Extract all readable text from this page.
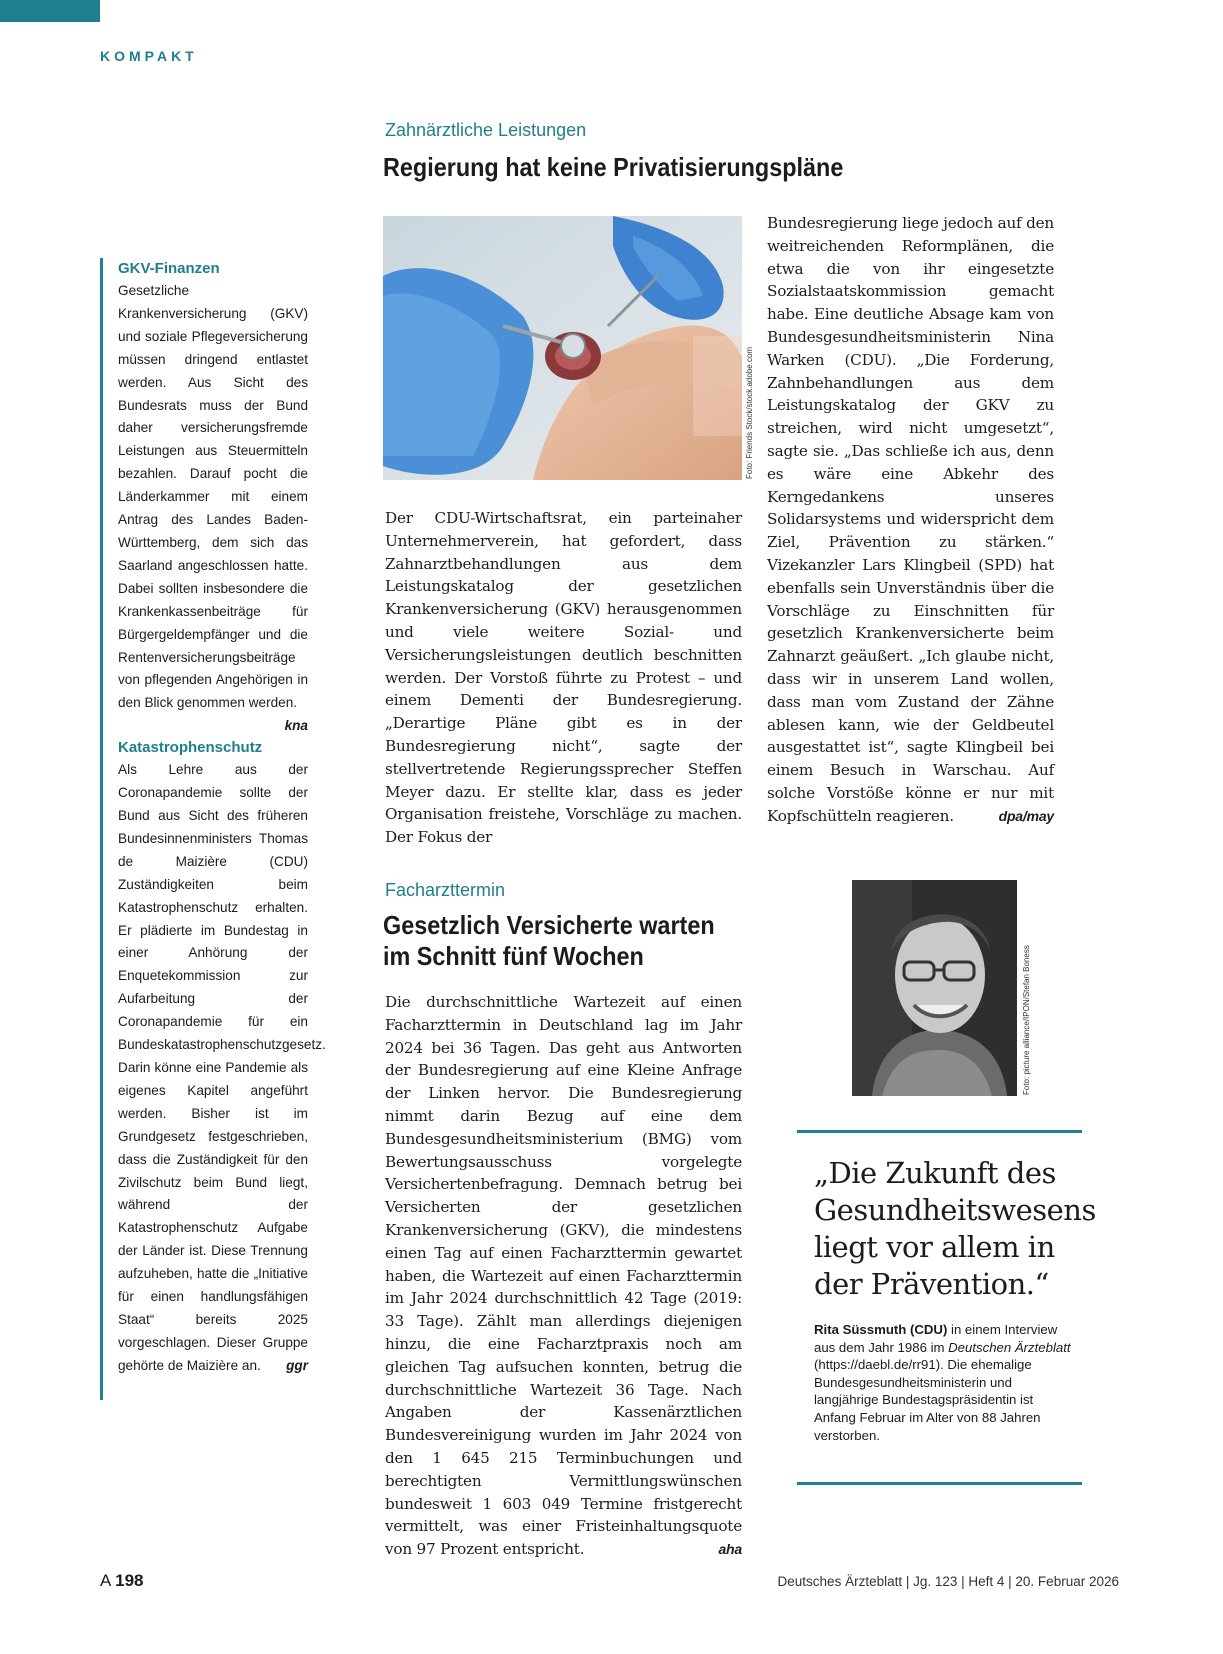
KOMPAKT
GKV-Finanzen
Gesetzliche Krankenversicherung (GKV) und soziale Pflegeversicherung müssen dringend entlastet werden. Aus Sicht des Bundesrats muss der Bund daher versicherungsfremde Leistungen aus Steuermitteln bezahlen. Darauf pocht die Länderkammer mit einem Antrag des Landes Baden-Württemberg, dem sich das Saarland angeschlossen hatte. Dabei sollten insbesondere die Krankenkassenbeiträge für Bürgergeldempfänger und die Rentenversicherungsbeiträge von pflegenden Angehörigen in den Blick genommen werden.
kna
Katastrophenschutz
Als Lehre aus der Coronapandemie sollte der Bund aus Sicht des früheren Bundesinnenministers Thomas de Maizière (CDU) Zuständigkeiten beim Katastrophenschutz erhalten. Er plädierte im Bundestag in einer Anhörung der Enquetekommission zur Aufarbeitung der Coronapandemie für ein Bundeskatastrophenschutzgesetz. Darin könne eine Pandemie als eigenes Kapitel angeführt werden. Bisher ist im Grundgesetz festgeschrieben, dass die Zuständigkeit für den Zivilschutz beim Bund liegt, während der Katastrophenschutz Aufgabe der Länder ist. Diese Trennung aufzuheben, hatte die „Initiative für einen handlungsfähigen Staat“ bereits 2025 vorgeschlagen. Dieser Gruppe gehörte de Maizière an.	ggr
Zahnärztliche Leistungen
Regierung hat keine Privatisierungspläne
Foto: Friends Stock/stock.adobe.com
Der CDU-Wirtschaftsrat, ein parteinaher Unternehmerverein, hat gefordert, dass Zahnarztbehandlungen aus dem Leistungskatalog der gesetzlichen Krankenversicherung (GKV) herausgenommen und viele weitere Sozial- und Versicherungsleistungen deutlich beschnitten werden. Der Vorstoß führte zu Protest – und einem Dementi der Bundesregierung. „Derartige Pläne gibt es in der Bundesregierung nicht“, sagte der stellvertretende Regierungssprecher Steffen Meyer dazu. Er stellte klar, dass es jeder Organisation freistehe, Vorschläge zu machen. Der Fokus der
Bundesregierung liege jedoch auf den weitreichenden Reformplänen, die etwa die von ihr eingesetzte Sozialstaatskommission gemacht habe. Eine deutliche Absage kam von Bundesgesundheitsministerin Nina Warken (CDU). „Die Forderung, Zahnbehandlungen aus dem Leistungskatalog der GKV zu streichen, wird nicht umgesetzt“, sagte sie. „Das schließe ich aus, denn es wäre eine Abkehr des Kerngedankens unseres Solidarsystems und widerspricht dem Ziel, Prävention zu stärken.“ Vizekanzler Lars Klingbeil (SPD) hat ebenfalls sein Unverständnis über die Vorschläge zu Einschnitten für gesetzlich Krankenversicherte beim Zahnarzt geäußert. „Ich glaube nicht, dass wir in unserem Land wollen, dass man vom Zustand der Zähne ablesen kann, wie der Geldbeutel ausgestattet ist“, sagte Klingbeil bei einem Besuch in Warschau. Auf solche Vorstöße könne er nur mit Kopfschütteln reagieren.	dpa/may
Facharzttermin
Gesetzlich Versicherte warten
im Schnitt fünf Wochen
Die durchschnittliche Wartezeit auf einen Facharzttermin in Deutschland lag im Jahr 2024 bei 36 Tagen. Das geht aus Antworten der Bundesregierung auf eine Kleine Anfrage der Linken hervor. Die Bundesregierung nimmt darin Bezug auf eine dem Bundesgesundheitsministerium (BMG) vom Bewertungsausschuss vorgelegte Versichertenbefragung. Demnach betrug bei Versicherten der gesetzlichen Krankenversicherung (GKV), die mindestens einen Tag auf einen Facharzttermin gewartet haben, die Wartezeit auf einen Facharzttermin im Jahr 2024 durchschnittlich 42 Tage (2019: 33 Tage). Zählt man allerdings diejenigen hinzu, die eine Facharztpraxis noch am gleichen Tag aufsuchen konnten, betrug die durchschnittliche Wartezeit 36 Tage. Nach Angaben der Kassenärztlichen Bundesvereinigung wurden im Jahr 2024 von den 1 645 215 Terminbuchungen und berechtigten Vermittlungswünschen bundesweit 1 603 049 Termine fristgerecht vermittelt, was einer Fristeinhaltungsquote von 97 Prozent entspricht.	aha
Foto: picture alliance/IPON/Stefan Boness
„Die Zukunft des Gesundheitswesens liegt vor allem in der Prävention.“
Rita Süssmuth (CDU) in einem Interview aus dem Jahr 1986 im Deutschen Ärzteblatt (https://daebl.de/rr91). Die ehemalige Bundesgesundheitsministerin und langjährige Bundestagspräsidentin ist Anfang Februar im Alter von 88 Jahren verstorben.
A 198	Deutsches Ärzteblatt | Jg. 123 | Heft 4 | 20. Februar 2026
